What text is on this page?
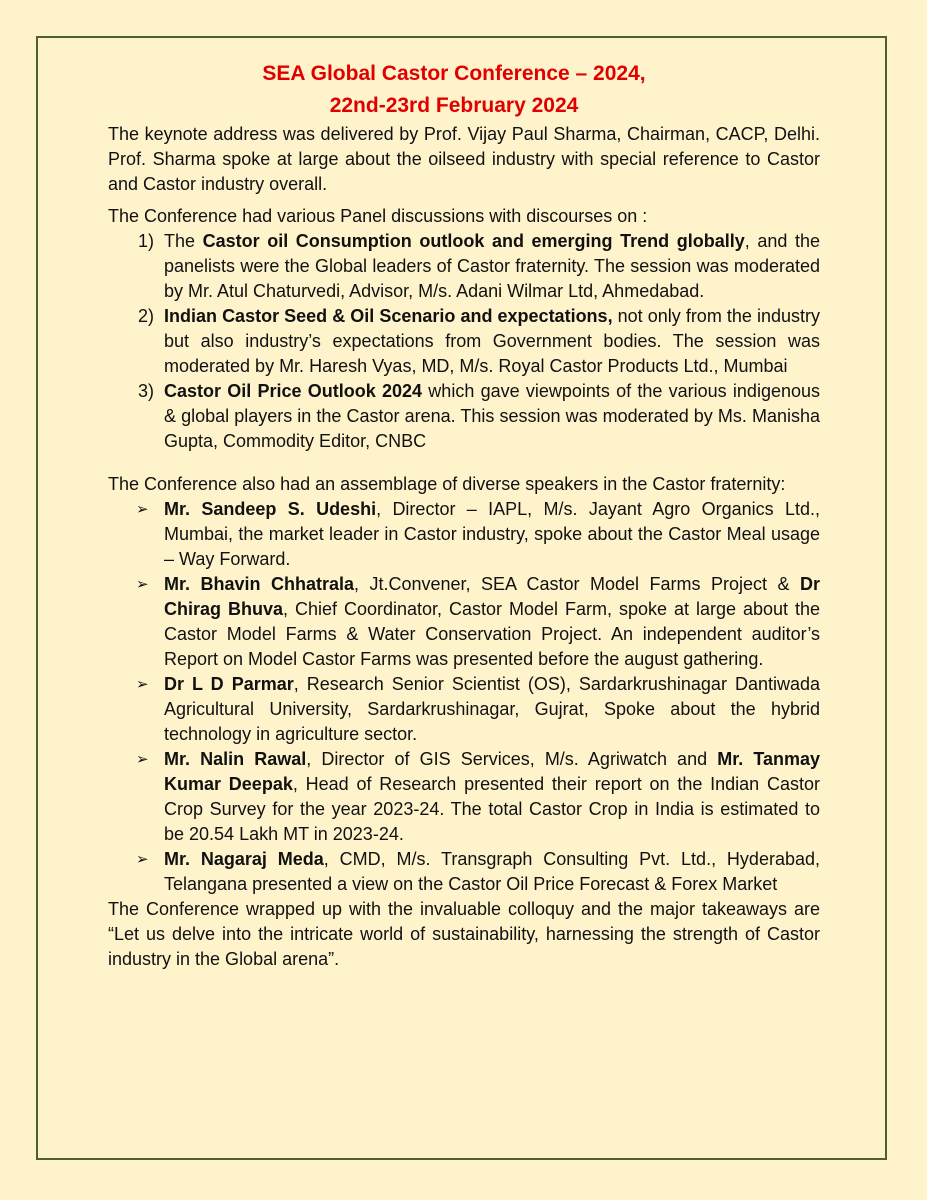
SEA Global Castor Conference – 2024,
22nd-23rd February 2024

The keynote address was delivered by Prof. Vijay Paul Sharma, Chairman, CACP, Delhi. Prof. Sharma spoke at large about the oilseed industry with special reference to Castor and Castor industry overall.

The Conference had various Panel discussions with discourses on :

1) The Castor oil Consumption outlook and emerging Trend globally, and the panelists were the Global leaders of Castor fraternity. The session was moderated by Mr. Atul Chaturvedi, Advisor, M/s. Adani Wilmar Ltd, Ahmedabad.
2) Indian Castor Seed & Oil Scenario and expectations, not only from the industry but also industry’s expectations from Government bodies. The session was moderated by Mr. Haresh Vyas, MD, M/s. Royal Castor Products Ltd., Mumbai
3) Castor Oil Price Outlook 2024 which gave viewpoints of the various indigenous & global players in the Castor arena. This session was moderated by Ms. Manisha Gupta, Commodity Editor, CNBC

The Conference also had an assemblage of diverse speakers in the Castor fraternity:

➢ Mr. Sandeep S. Udeshi, Director – IAPL, M/s. Jayant Agro Organics Ltd., Mumbai, the market leader in Castor industry, spoke about the Castor Meal usage – Way Forward.
➢ Mr. Bhavin Chhatrala, Jt.Convener, SEA Castor Model Farms Project & Dr Chirag Bhuva, Chief Coordinator, Castor Model Farm, spoke at large about the Castor Model Farms & Water Conservation Project. An independent auditor’s Report on Model Castor Farms was presented before the august gathering.
➢ Dr L D Parmar, Research Senior Scientist (OS), Sardarkrushinagar Dantiwada Agricultural University, Sardarkrushinagar, Gujrat, Spoke about the hybrid technology in agriculture sector.
➢ Mr. Nalin Rawal, Director of GIS Services, M/s. Agriwatch and Mr. Tanmay Kumar Deepak, Head of Research presented their report on the Indian Castor Crop Survey for the year 2023-24. The total Castor Crop in India is estimated to be 20.54 Lakh MT in 2023-24.
➢ Mr. Nagaraj Meda, CMD, M/s. Transgraph Consulting Pvt. Ltd., Hyderabad, Telangana presented a view on the Castor Oil Price Forecast & Forex Market

The Conference wrapped up with the invaluable colloquy and the major takeaways are “Let us delve into the intricate world of sustainability, harnessing the strength of Castor industry in the Global arena”.
